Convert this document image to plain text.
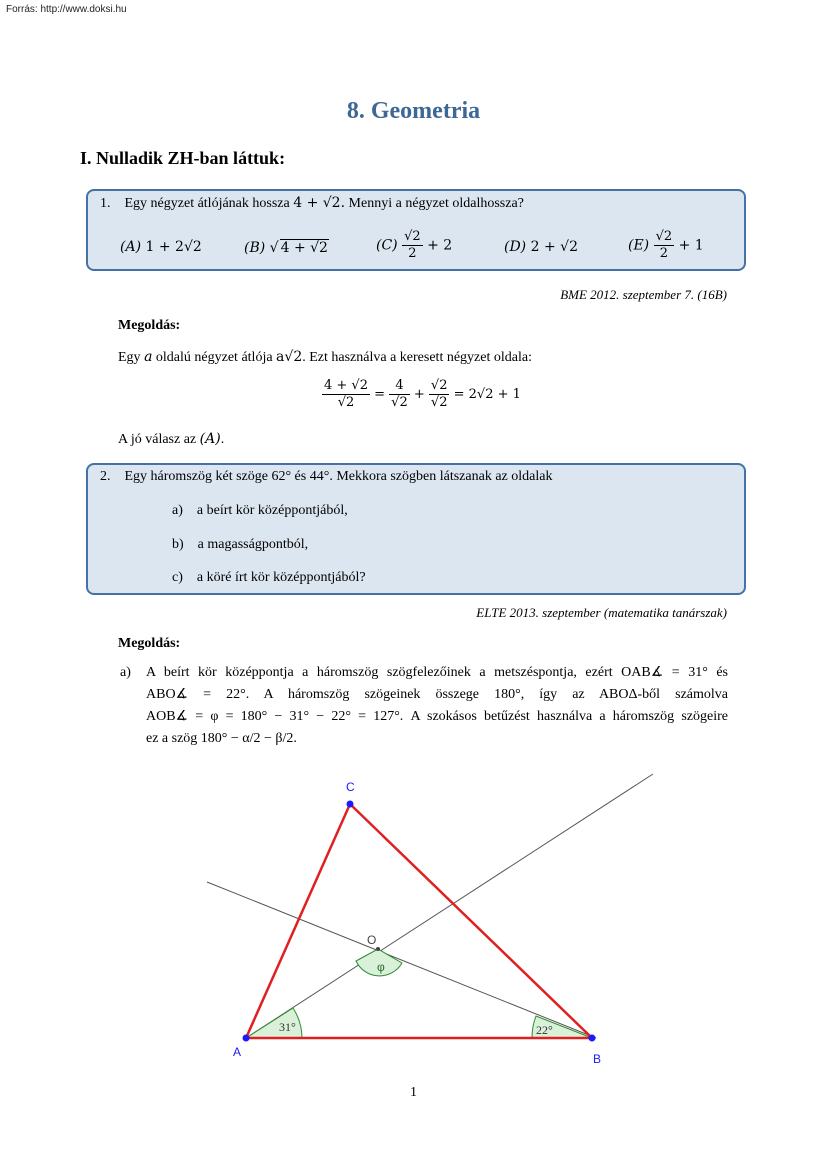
Forrás: http://www.doksi.hu
8. Geometria
I. Nulladik ZH-ban láttuk:
1. Egy négyzet átlójának hossza 4 + √2. Mennyi a négyzet oldalhossza?
(A) 1 + 2√2	(B) √ 4 + √2	$(C) \frac{√2}{2} + 2$	(D) 2 + √2	$(E) \frac{√2}{2} + 1$
BME 2012. szeptember 7. (16B)
Megoldás:
Egy a oldalú négyzet átlója a√2. Ezt használva a keresett négyzet oldala:
$\frac{4 + √2}{√2} = \frac{4}{√2} + \frac{√2}{√2} = 2√2 + 1$
A jó válasz az (A).
2. Egy háromszög két szöge 62° és 44°. Mekkora szögben látszanak az oldalak
a) a beírt kör középpontjából,
b) a magasságpontból,
c) a köré írt kör középpontjából?
ELTE 2013. szeptember (matematika tanárszak)
Megoldás:
a) A beírt kör középpontja a háromszög szögfelezőinek a metszéspontja, ezért OAB∡ = 31° és
ABO∡ = 22°. A háromszög szögeinek összege 180°, így az ABOΔ-ből számolva
AOB∡ = φ = 180° − 31° − 22° = 127°. A szokásos betűzést használva a háromszög szögeire
ez a szög 180° − α/2 − β/2.
A	B
C
O
31°	22°
φ
1
